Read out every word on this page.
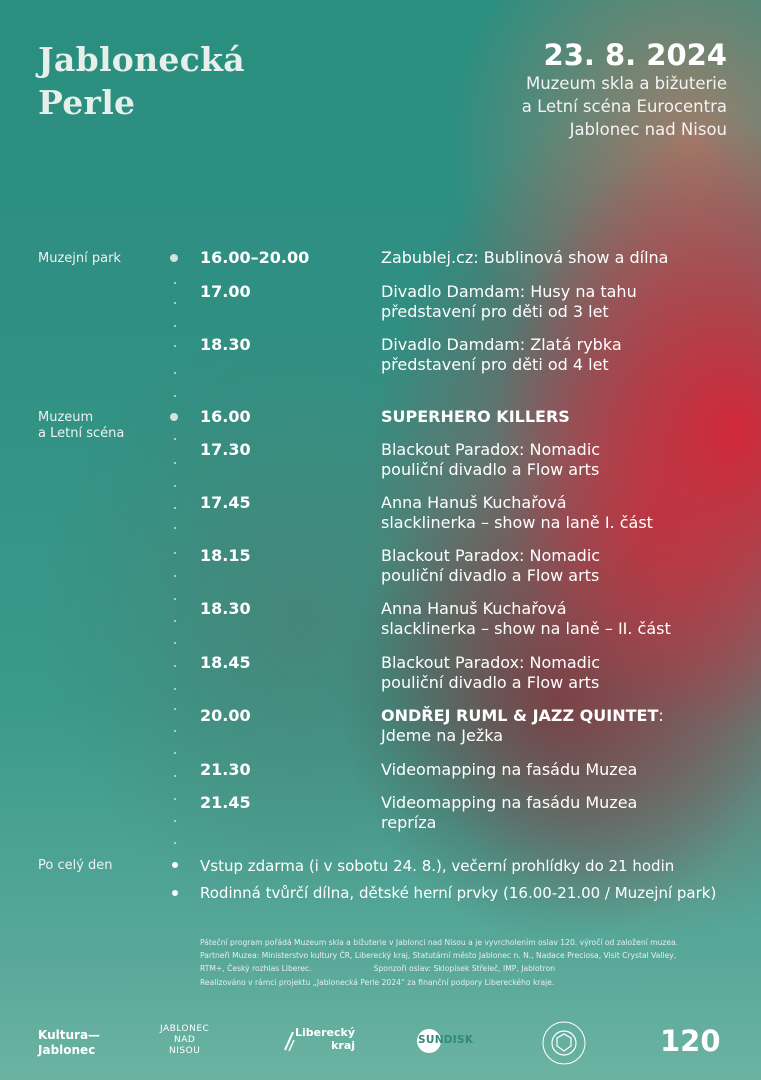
Jablonecká
Perle
23. 8. 2024
Muzeum skla a bižuterie
a Letní scéna Eurocentra
Jablonec nad Nisou
Muzejní park	16.00–20.00	Zabublej.cz: Bublinová show a dílna
17.00	Divadlo Damdam: Husy na tahu
představení pro děti od 3 let
18.30	Divadlo Damdam: Zlatá rybka
představení pro děti od 4 let
Muzeum
a Letní scéna
16.00	SUPERHERO KILLERS
17.30	Blackout Paradox: Nomadic
pouliční divadlo a Flow arts
17.45	Anna Hanuš Kuchařová
slacklinerka – show na laně I. část
18.15	Blackout Paradox: Nomadic
pouliční divadlo a Flow arts
18.30	Anna Hanuš Kuchařová
slacklinerka – show na laně – II. část
18.45	Blackout Paradox: Nomadic
pouliční divadlo a Flow arts
20.00	ONDŘEJ RUML & JAZZ QUINTET:
Jdeme na Ježka
21.30	Videomapping na fasádu Muzea
21.45	Videomapping na fasádu Muzea
repríza
Po celý den	Vstup zdarma (i v sobotu 24. 8.), večerní prohlídky do 21 hodin
Rodinná tvůrčí dílna, dětské herní prvky (16.00-21.00 / Muzejní park)
Páteční program pořádá Muzeum skla a bižuterie v Jablonci nad Nisou a je vyvrcholením oslav 120. výročí od založení muzea.
Partneři Muzea: Ministerstvo kultury ČR, Liberecký kraj, Statutární město Jablonec n. N., Nadace Preciosa, Visit Crystal Valley,
RTM+, Český rozhlas Liberec.	Sponzoři oslav: Sklopísek Střeleč, IMP, Jablotron
Realizováno v rámci projektu „Jablonecká Perle 2024“ za finanční podpory Libereckého kraje.
Kultura—
Jablonec
JABLONEC
NAD
NISOU
Liberecký
kraj	SUNDISK	120
